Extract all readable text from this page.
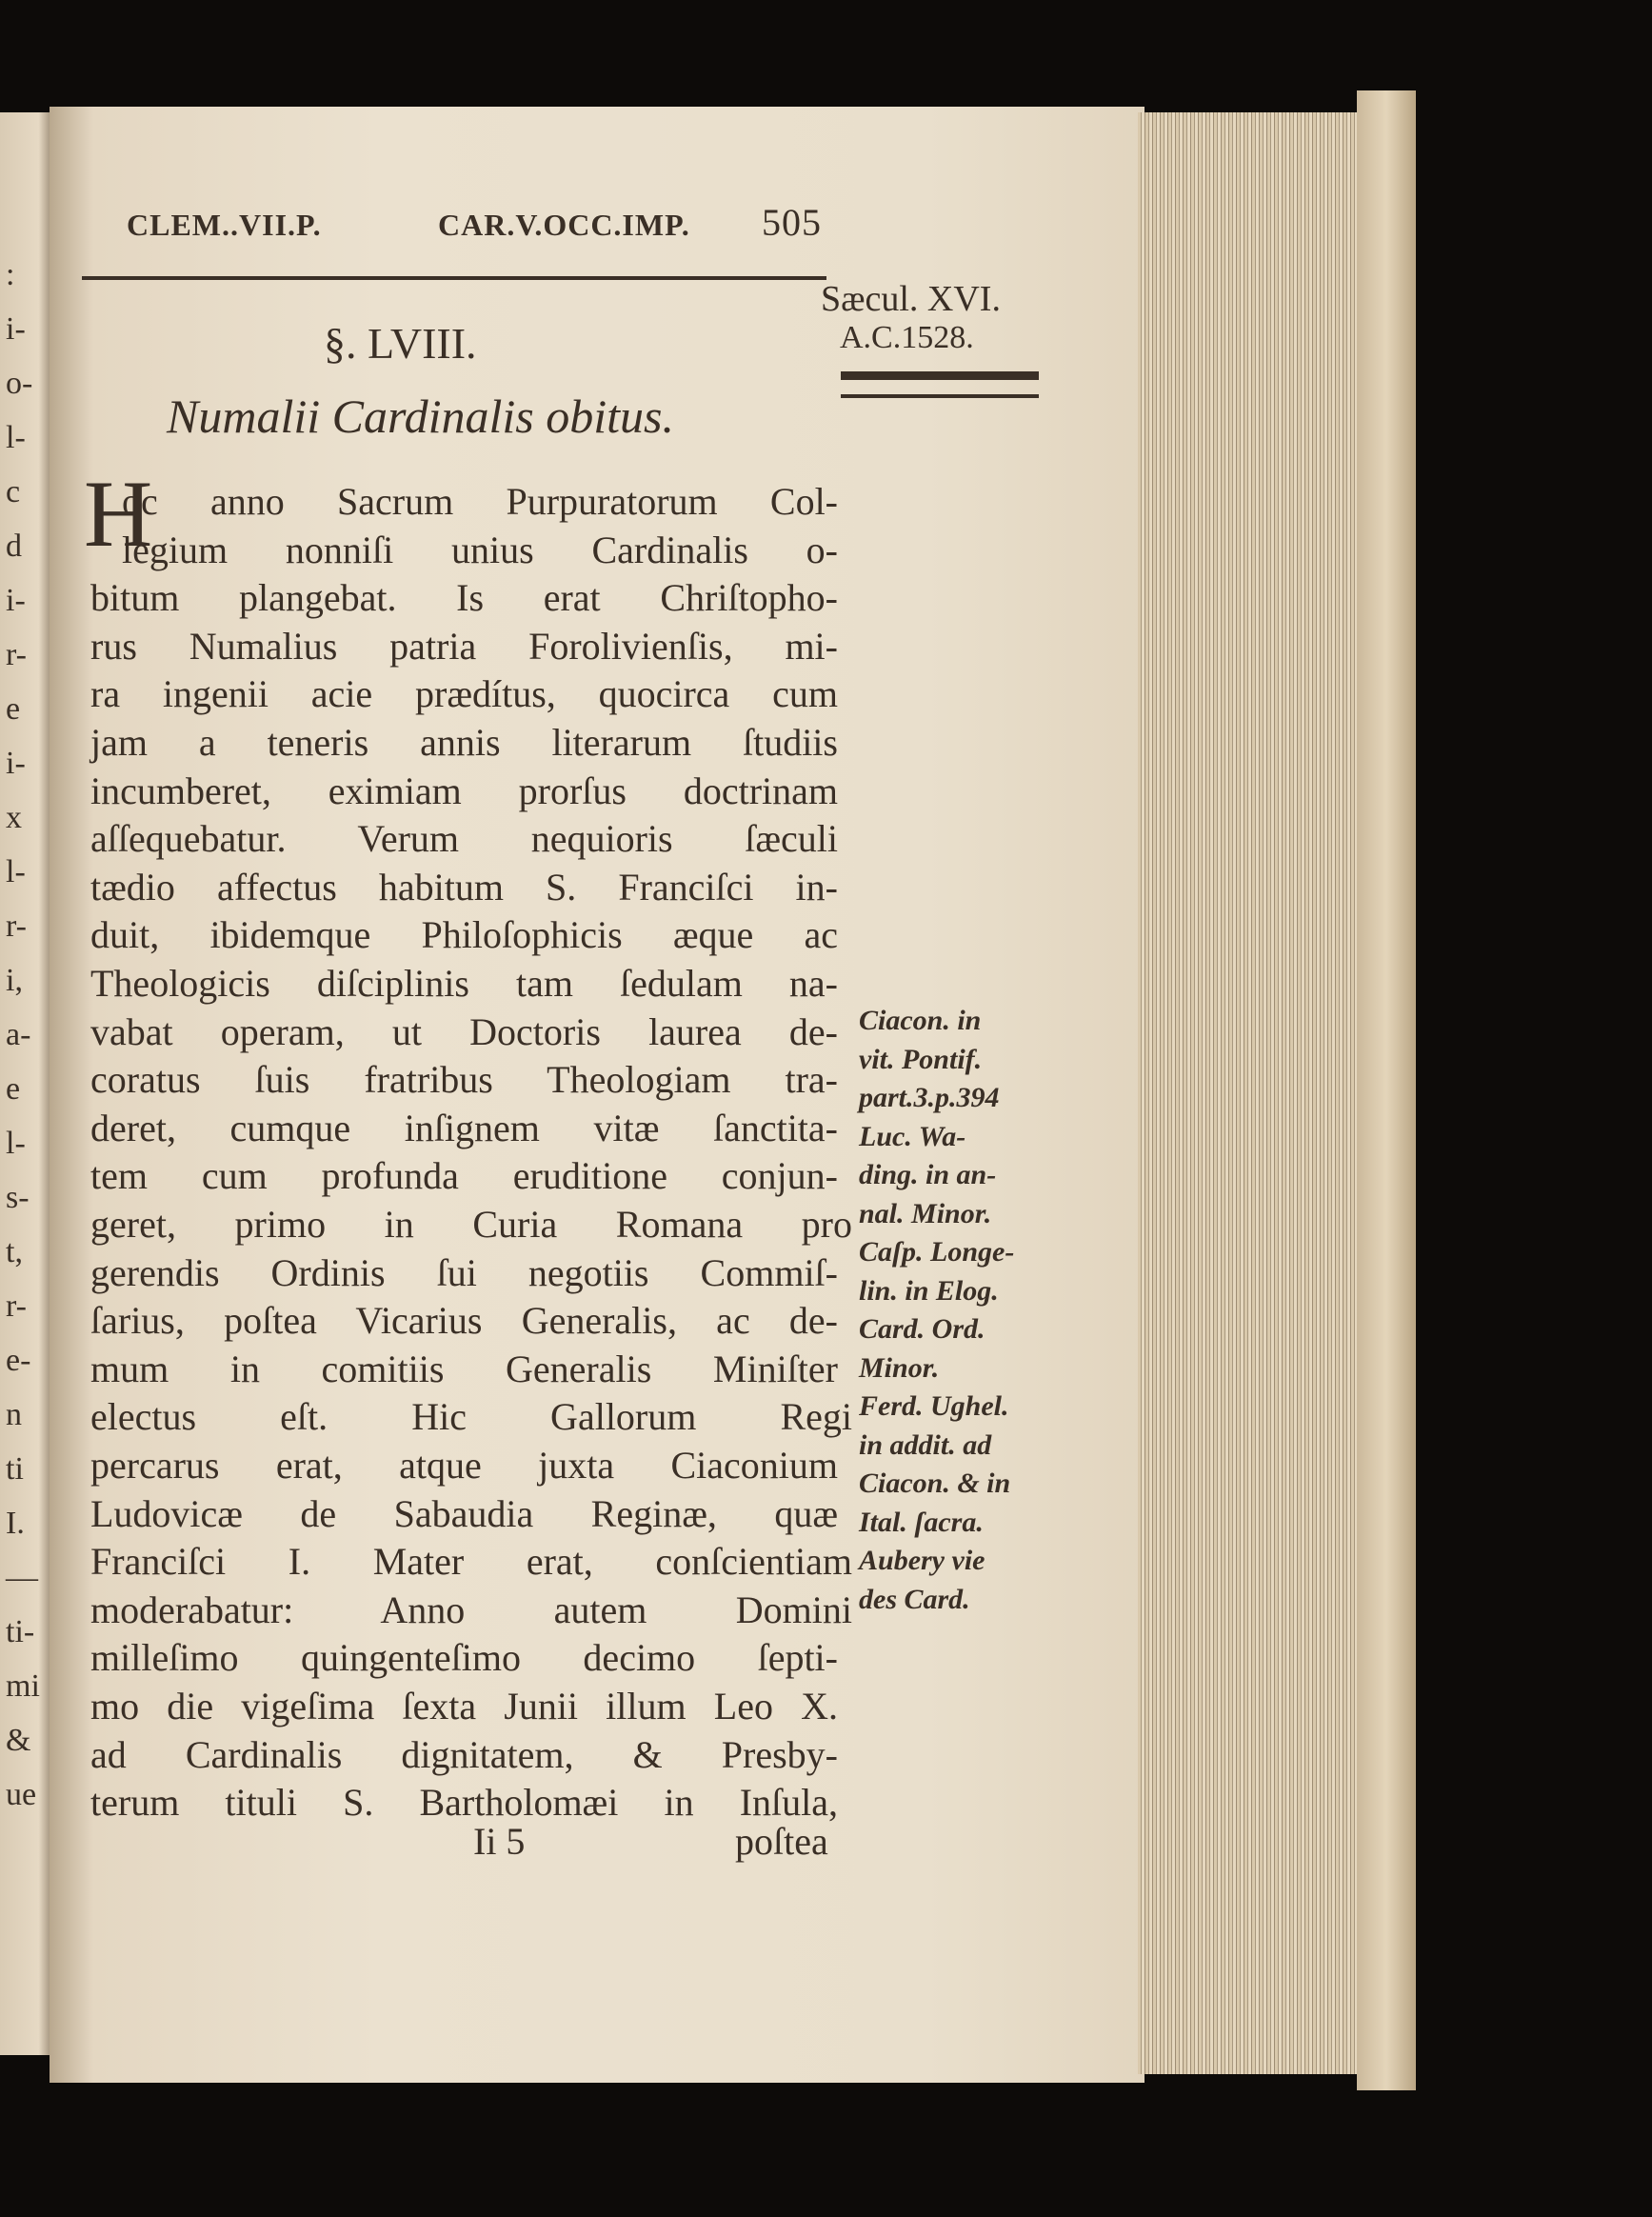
CLEM..VII.P.	CAR.V.OCC.IMP. 505
Sæcul. XVI.
A.C.1528.
§. LVIII.
Numalii Cardinalis obitus.
H
oc anno Sacrum Purpuratorum Col-
legium nonniſi unius Cardinalis o-
bitum plangebat. Is erat Chriſtopho-
rus Numalius patria Forolivienſis, mi-
ra ingenii acie prædítus, quocirca cum
jam a teneris annis literarum ſtudiis
incumberet, eximiam prorſus doctrinam
aſſequebatur. Verum nequioris ſæculi
tædio affectus habitum S. Franciſci in-
duit, ibidemque Philoſophicis æque ac
Theologicis diſciplinis tam ſedulam na-
vabat operam, ut Doctoris laurea de-
coratus ſuis fratribus Theologiam tra-
deret, cumque inſignem vitæ ſanctita-
tem cum profunda eruditione conjun-
geret, primo in Curia Romana pro
gerendis Ordinis ſui negotiis Commiſ-
ſarius, poſtea Vicarius Generalis, ac de-
mum in comitiis Generalis Miniſter
electus eſt. Hic Gallorum Regi
percarus erat, atque juxta Ciaconium
Ludovicæ de Sabaudia Reginæ, quæ
Franciſci I. Mater erat, conſcientiam
moderabatur: Anno autem Domini
milleſimo quingenteſimo decimo ſepti-
mo die vigeſima ſexta Junii illum Leo X.
ad Cardinalis dignitatem, & Presby-
terum tituli S. Bartholomæi in Inſula,
Ciacon. in
vit. Pontif.
part.3.p.394
Luc. Wa-
ding. in an-
nal. Minor.
Caſp. Longe-
lin. in Elog.
Card. Ord.
Minor.
Ferd. Ughel.
in addit. ad
Ciacon. & in
Ital. ſacra.
Aubery vie
des Card.
:
i-
o-
l-
c
d
i-
r-
e
i-
x
l-
r-
i,
a-
e
l-
s-
t,
r-
e-
n
ti
I.
—
ti-
mi
&
ue
Ii 5	poſtea
